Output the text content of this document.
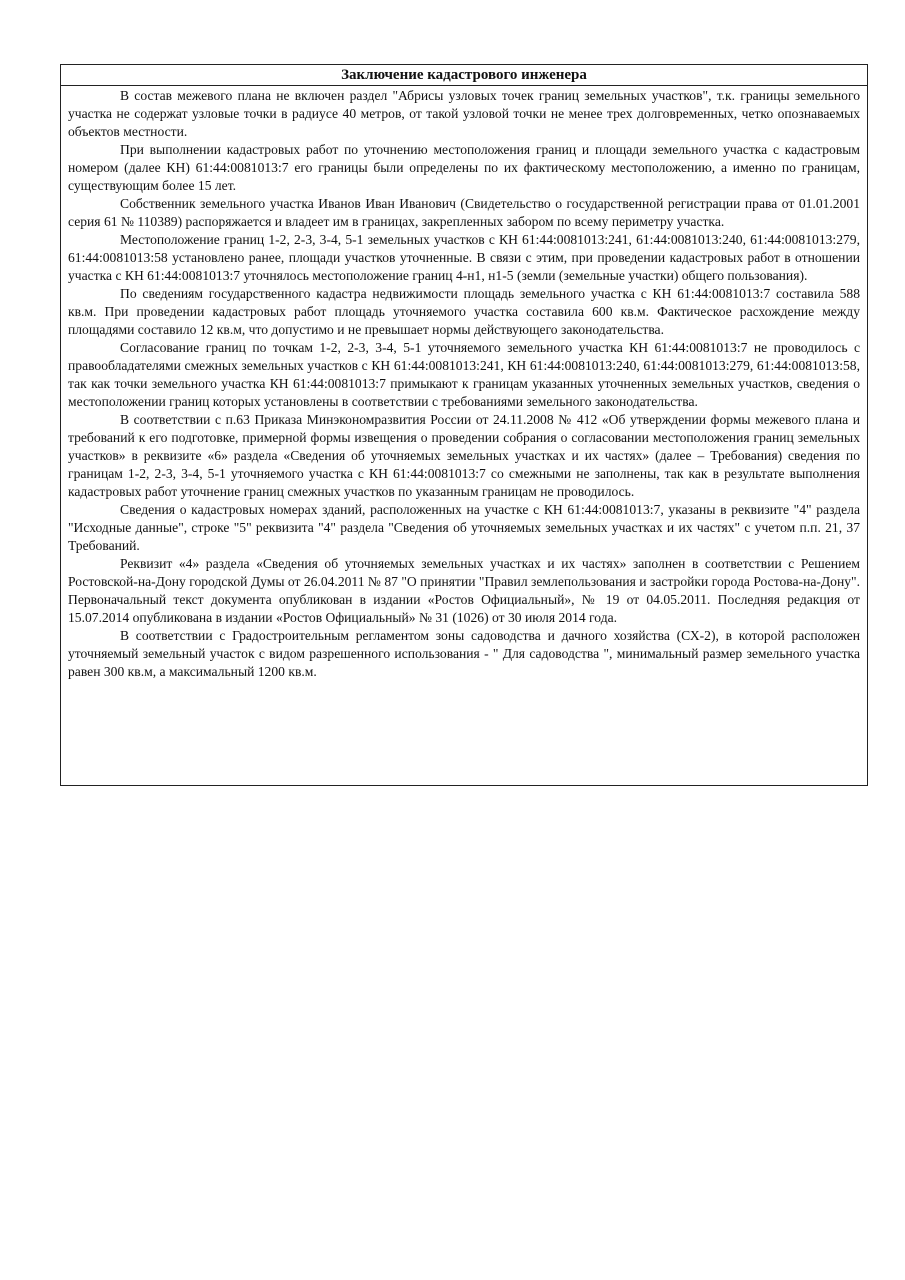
Заключение кадастрового инженера

В состав межевого плана не включен раздел "Абрисы узловых точек границ земельных участков", т.к. границы земельного участка не содержат узловые точки в радиусе 40 метров, от такой узловой точки не менее трех долговременных, четко опознаваемых объектов местности.

При выполнении кадастровых работ по уточнению местоположения границ и площади земельного участка с кадастровым номером (далее КН) 61:44:0081013:7 его границы были определены по их фактическому местоположению, а именно по границам, существующим более 15 лет.

Собственник земельного участка Иванов Иван Иванович (Свидетельство о государственной регистрации права от 01.01.2001 серия 61 № 110389) распоряжается и владеет им в границах, закрепленных забором по всему периметру участка.

Местоположение границ 1-2, 2-3, 3-4, 5-1 земельных участков с КН 61:44:0081013:241, 61:44:0081013:240, 61:44:0081013:279, 61:44:0081013:58 установлено ранее, площади участков уточненные. В связи с этим, при проведении кадастровых работ в отношении участка с КН 61:44:0081013:7 уточнялось местоположение границ 4-н1, н1-5 (земли (земельные участки) общего пользования).

По сведениям государственного кадастра недвижимости площадь земельного участка с КН 61:44:0081013:7 составила 588 кв.м. При проведении кадастровых работ площадь уточняемого участка составила 600 кв.м. Фактическое расхождение между площадями составило 12 кв.м, что допустимо и не превышает нормы действующего законодательства.

Согласование границ по точкам 1-2, 2-3, 3-4, 5-1 уточняемого земельного участка КН 61:44:0081013:7 не проводилось с правообладателями смежных земельных участков с КН 61:44:0081013:241, КН 61:44:0081013:240, 61:44:0081013:279, 61:44:0081013:58, так как точки земельного участка КН 61:44:0081013:7 примыкают к границам указанных уточненных земельных участков, сведения о местоположении границ которых установлены в соответствии с требованиями земельного законодательства.

В соответствии с п.63 Приказа Минэкономразвития России от 24.11.2008 № 412 «Об утверждении формы межевого плана и требований к его подготовке, примерной формы извещения о проведении собрания о согласовании местоположения границ земельных участков» в реквизите «6» раздела «Сведения об уточняемых земельных участках и их частях» (далее – Требования) сведения по границам 1-2, 2-3, 3-4, 5-1 уточняемого участка с КН 61:44:0081013:7 со смежными не заполнены, так как в результате выполнения кадастровых работ уточнение границ смежных участков по указанным границам не проводилось.

Сведения о кадастровых номерах зданий, расположенных на участке с КН 61:44:0081013:7, указаны в реквизите "4" раздела "Исходные данные", строке "5" реквизита "4" раздела "Сведения об уточняемых земельных участках и их частях" с учетом п.п. 21, 37 Требований.

Реквизит «4» раздела «Сведения об уточняемых земельных участках и их частях» заполнен в соответствии с Решением Ростовской-на-Дону городской Думы от 26.04.2011 № 87 "О принятии "Правил землепользования и застройки города Ростова-на-Дону". Первоначальный текст документа опубликован в издании «Ростов Официальный», № 19 от 04.05.2011. Последняя редакция от 15.07.2014 опубликована в издании «Ростов Официальный» № 31 (1026) от 30 июля 2014 года.

В соответствии с Градостроительным регламентом зоны садоводства и дачного хозяйства (СХ-2), в которой расположен уточняемый земельный участок с видом разрешенного использования - " Для садоводства ", минимальный размер земельного участка равен 300 кв.м, а максимальный 1200 кв.м.
